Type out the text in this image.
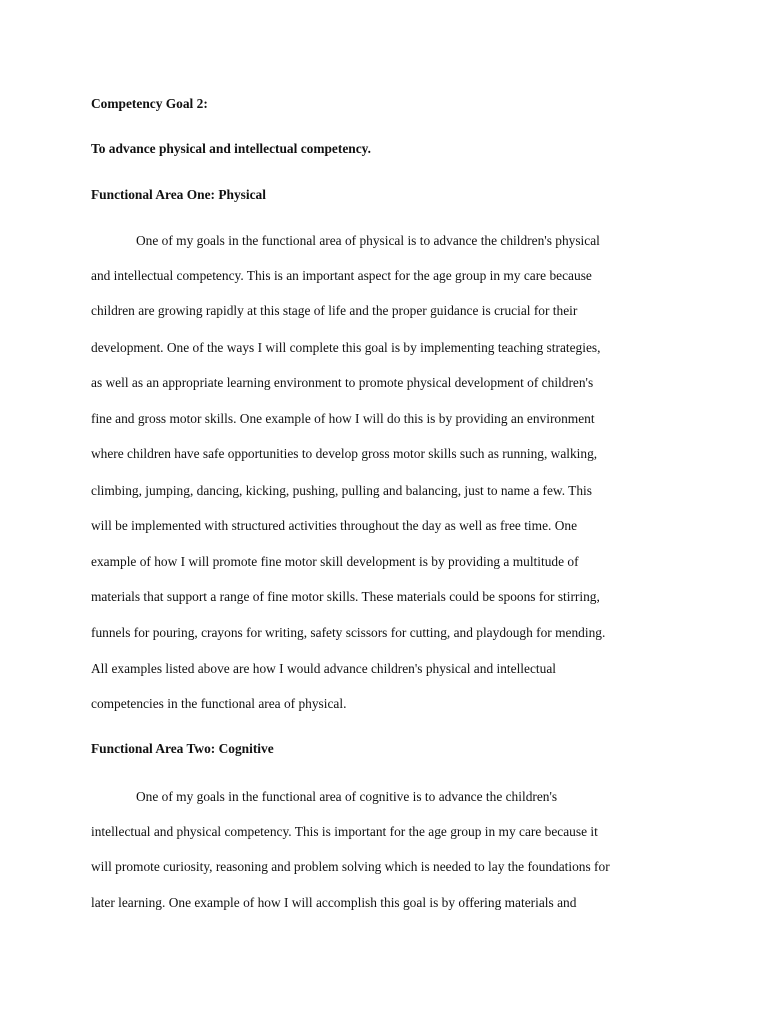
Competency Goal 2:

To advance physical and intellectual competency.

Functional Area One: Physical

One of my goals in the functional area of physical is to advance the children's physical

and intellectual competency. This is an important aspect for the age group in my care because

children are growing rapidly at this stage of life and the proper guidance is crucial for their

development. One of the ways I will complete this goal is by implementing teaching strategies,

as well as an appropriate learning environment to promote physical development of children's

fine and gross motor skills. One example of how I will do this is by providing an environment

where children have safe opportunities to develop gross motor skills such as running, walking,

climbing, jumping, dancing, kicking, pushing, pulling and balancing, just to name a few. This

will be implemented with structured activities throughout the day as well as free time. One

example of how I will promote fine motor skill development is by providing a multitude of

materials that support a range of fine motor skills. These materials could be spoons for stirring,

funnels for pouring, crayons for writing, safety scissors for cutting, and playdough for mending.

All examples listed above are how I would advance children's physical and intellectual

competencies in the functional area of physical.

Functional Area Two: Cognitive

One of my goals in the functional area of cognitive is to advance the children's

intellectual and physical competency. This is important for the age group in my care because it

will promote curiosity, reasoning and problem solving which is needed to lay the foundations for

later learning. One example of how I will accomplish this goal is by offering materials and
